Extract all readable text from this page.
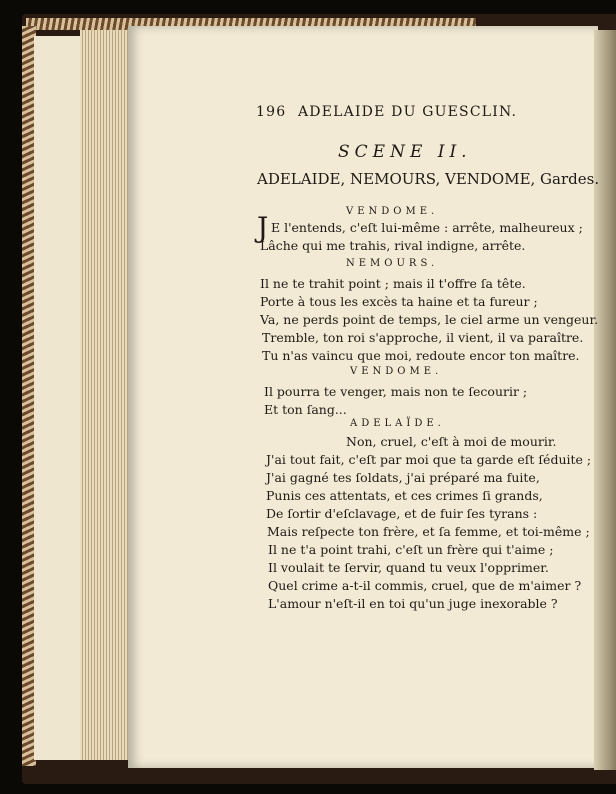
196 ADELAIDE DU GUESCLIN.
SCENE II.
ADELAIDE, NEMOURS, VENDOME, Gardes.
VENDOME.
J E l'entends, c'eſt lui-même : arrête, malheureux ;
Lâche qui me trahis, rival indigne, arrête.
NEMOURS.
Il ne te trahit point ; mais il t'offre ſa tête.
Porte à tous les excès ta haine et ta fureur ;
Va, ne perds point de temps, le ciel arme un vengeur.
Tremble, ton roi s'approche, il vient, il va paraître.
Tu n'as vaincu que moi, redoute encor ton maître.
VENDOME.
Il pourra te venger, mais non te ſecourir ;
Et ton ſang...
ADELAÏDE.
Non, cruel, c'eſt à moi de mourir.
J'ai tout fait, c'eſt par moi que ta garde eſt ſéduite ;
J'ai gagné tes ſoldats, j'ai préparé ma fuite,
Punis ces attentats, et ces crimes ſi grands,
De ſortir d'eſclavage, et de fuir ſes tyrans :
Mais reſpecte ton frère, et ſa femme, et toi-même ;
Il ne t'a point trahi, c'eſt un frère qui t'aime ;
Il voulait te ſervir, quand tu veux l'opprimer.
Quel crime a-t-il commis, cruel, que de m'aimer ?
L'amour n'eſt-il en toi qu'un juge inexorable ?
